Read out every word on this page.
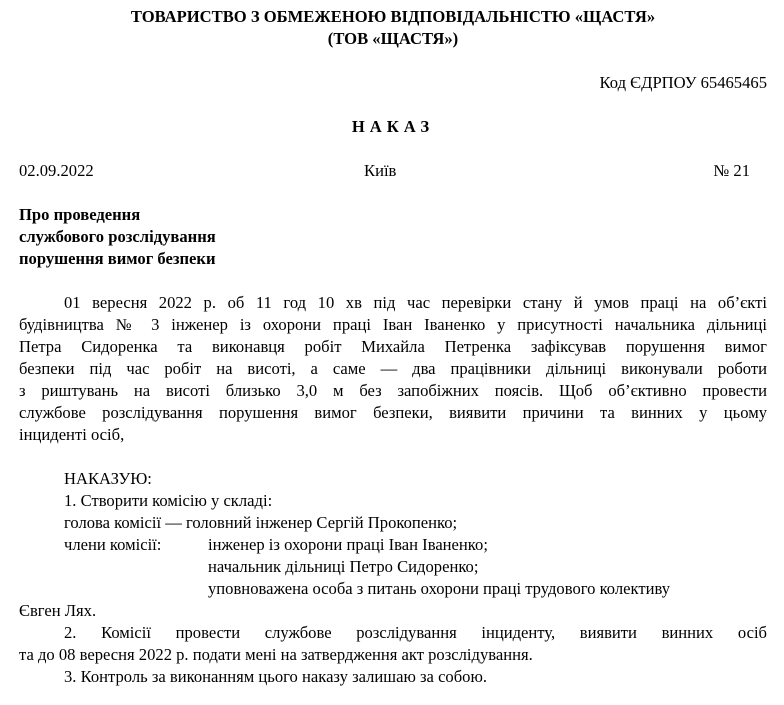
ТОВАРИСТВО З ОБМЕЖЕНОЮ ВІДПОВІДАЛЬНІСТЮ «ЩАСТЯ»
(ТОВ «ЩАСТЯ»)
Код ЄДРПОУ 65465465
НАКАЗ
02.09.2022	Київ	№ 21
Про проведення
службового розслідування
порушення вимог безпеки
01 вересня 2022 р. об 11 год 10 хв під час перевірки стану й умов праці на об’єкті
будівництва № 3 інженер із охорони праці Іван Іваненко у присутності начальника дільниці
Петра Сидоренка та виконавця робіт Михайла Петренка зафіксував порушення вимог
безпеки під час робіт на висоті, а саме — два працівники дільниці виконували роботи
з риштувань на висоті близько 3,0 м без запобіжних поясів. Щоб об’єктивно провести
службове розслідування порушення вимог безпеки, виявити причини та винних у цьому
інциденті осіб,
НАКАЗУЮ:
1. Створити комісію у складі:
голова комісії — головний інженер Сергій Прокопенко;
члени комісії:	інженер із охорони праці Іван Іваненко;
начальник дільниці Петро Сидоренко;
уповноважена особа з питань охорони праці трудового колективу
Євген Лях.
2. Комісії провести службове розслідування інциденту, виявити винних осіб
та до 08 вересня 2022 р. подати мені на затвердження акт розслідування.
3. Контроль за виконанням цього наказу залишаю за собою.
